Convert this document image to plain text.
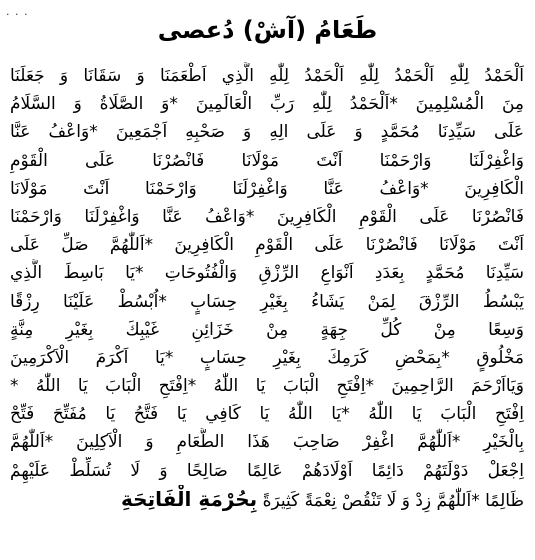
· · ·
طَعَامُ (آشْ) دُعصی
اَلْحَمْدُ لِلّٰهِ اَلْحَمْدُ لِلّٰهِ اَلْحَمْدُ لِلّٰهِ الَّذِي اَطْعَمَنَا وَ سَقَانَا وَ جَعَلَنَا
مِنَ الْمُسْلِمِينَ *اَلْحَمْدُ لِلّٰهِ رَبِّ الْعَالَمِينَ *وَ الصَّلَاةُ وَ السَّلَامُ
عَلَى سَيِّدِنَا مُحَمَّدٍ وَ عَلَى الِهِ وَ صَحْبِهِ اَجْمَعِينَ *وَاعْفُ عَنَّا
وَاغْفِرْلَنَا وَارْحَمْنَا اَنْتَ مَوْلَانَا فَانْصُرْنَا عَلَى الْقَوْمِ
الْكَافِرِينَ *وَاعْفُ عَنَّا وَاغْفِرْلَنَا وَارْحَمْنَا اَنْتَ مَوْلَانَا
فَانْصُرْنَا عَلَى الْقَوْمِ الْكَافِرِينَ *وَاعْفُ عَنَّا وَاغْفِرْلَنَا وَارْحَمْنَا
اَنْتَ مَوْلَانَا فَانْصُرْنَا عَلَى الْقَوْمِ الْكَافِرِينَ *اَللّٰهُمَّ صَلِّ عَلَى
سَيِّدِنَا مُحَمَّدٍ بِعَدَدِ اَنْوَاعِ الرِّزْقِ وَالْفُتُوحَاتِ *يَا بَاسِطَ الَّذِي
يَبْسُطُ الرِّزْقَ لِمَنْ يَشَاءُ بِغَيْرِ حِسَابٍ *اُبْسُطْ عَلَيْنَا رِزْقًا
وَسِعًا مِنْ كُلِّ جِهَةٍ مِنْ خَزَائِنِ غَيْبِكَ بِغَيْرِ مِنَّةٍ
مَخْلُوقٍ *بِمَحْضِ كَرَمِكَ بِغَيْرِ حِسَابٍ *يَا اَكْرَمَ الْاَكْرَمِينَ
وَيَااَرْحَمَ الرَّاحِمِينَ *اِفْتَحِ الْبَابَ يَا اللّٰهُ *اِفْتَحِ الْبَابَ يَا اللّٰهُ *
اِفْتَحِ الْبَابَ يَا اللّٰهُ *يَا اللّٰهُ يَا كَافِي يَا فَتَّحُ يَا مُفَتِّحَ فَتِّحْ
بِالْخَيْرِ *اَللّٰهُمَّ اغْفِرْ صَاحِبَ هَذَا الطَّعَامِ وَ الْاَكِلِينَ *اَللّٰهُمَّ
اِجْعَلْ دَوْلَتَهُمْ دَائِمًا اَوْلَادَهُمْ عَالِمًا صَالِحًا وَ لَا تُسَلِّطْ عَلَيْهِمْ
ظَالِمًا *اَللّٰهُمَّ زِدْ وَ لَا تَنْقُصْ نِعْمَةً كَثِيرَةً بِحُرْمَةِ الْفَاتِحَةِ
